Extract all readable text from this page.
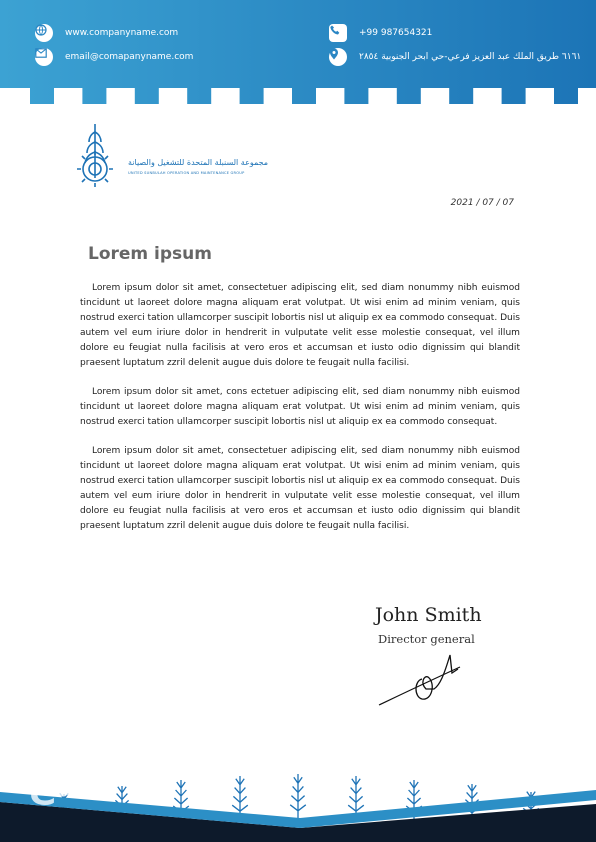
www.companyname.com
email@comapanyname.com
+99 987654321
٦١٦١ طريق الملك عبد العزيز فرعي-حي ابحر الجنوبية ٢٨٥٤
مجموعة السنبلة المتحدة للتشغيل والصيانة
UNITED SUNBULAH OPERATION AND MAINTENANCE GROUP
2021 / 07 / 07
Lorem ipsum

Lorem ipsum dolor sit amet, consectetuer adipiscing elit, sed diam nonummy nibh euismod tincidunt ut laoreet dolore magna aliquam erat volutpat. Ut wisi enim ad minim veniam, quis nostrud exerci tation ullamcorper suscipit lobortis nisl ut aliquip ex ea commodo consequat. Duis autem vel eum iriure dolor in hendrerit in vulputate velit esse molestie consequat, vel illum dolore eu feugiat nulla facilisis at vero eros et accumsan et iusto odio dignissim qui blandit praesent luptatum zzril delenit augue duis dolore te feugait nulla facilisi.

Lorem ipsum dolor sit amet, cons ectetuer adipiscing elit, sed diam nonummy nibh euismod tincidunt ut laoreet dolore magna aliquam erat volutpat. Ut wisi enim ad minim veniam, quis nostrud exerci tation ullamcorper suscipit lobortis nisl ut aliquip ex ea commodo consequat.

Lorem ipsum dolor sit amet, consectetuer adipiscing elit, sed diam nonummy nibh euismod tincidunt ut laoreet dolore magna aliquam erat volutpat. Ut wisi enim ad minim veniam, quis nostrud exerci tation ullamcorper suscipit lobortis nisl ut aliquip ex ea commodo consequat. Duis autem vel eum iriure dolor in hendrerit in vulputate velit esse molestie consequat, vel illum dolore eu feugiat nulla facilisis at vero eros et accumsan et iusto odio dignissim qui blandit praesent luptatum zzril delenit augue duis dolore te feugait nulla facilisi.

John Smith
Director general
نمذج
